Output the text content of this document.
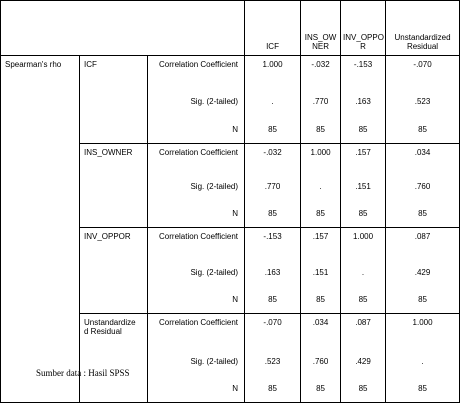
			ICF	INS_OW
NER	INV_OPPO
R	Unstandardized
Residual
Spearman's rho	ICF	Correlation Coefficient	1.000	-.032	-.153	-.070
		Sig. (2-tailed)	.	.770	.163	.523
		N	85	85	85	85
	INS_OWNER	Correlation Coefficient	-.032	1.000	.157	.034
		Sig. (2-tailed)	.770	.	.151	.760
		N	85	85	85	85
	INV_OPPOR	Correlation Coefficient	-.153	.157	1.000	.087
		Sig. (2-tailed)	.163	.151	.	.429
		N	85	85	85	85
	Unstandardize
d Residual	Correlation Coefficient	-.070	.034	.087	1.000
		Sig. (2-tailed)	.523	.760	.429	.
		N	85	85	85	85
Sumber data : Hasil SPSS
